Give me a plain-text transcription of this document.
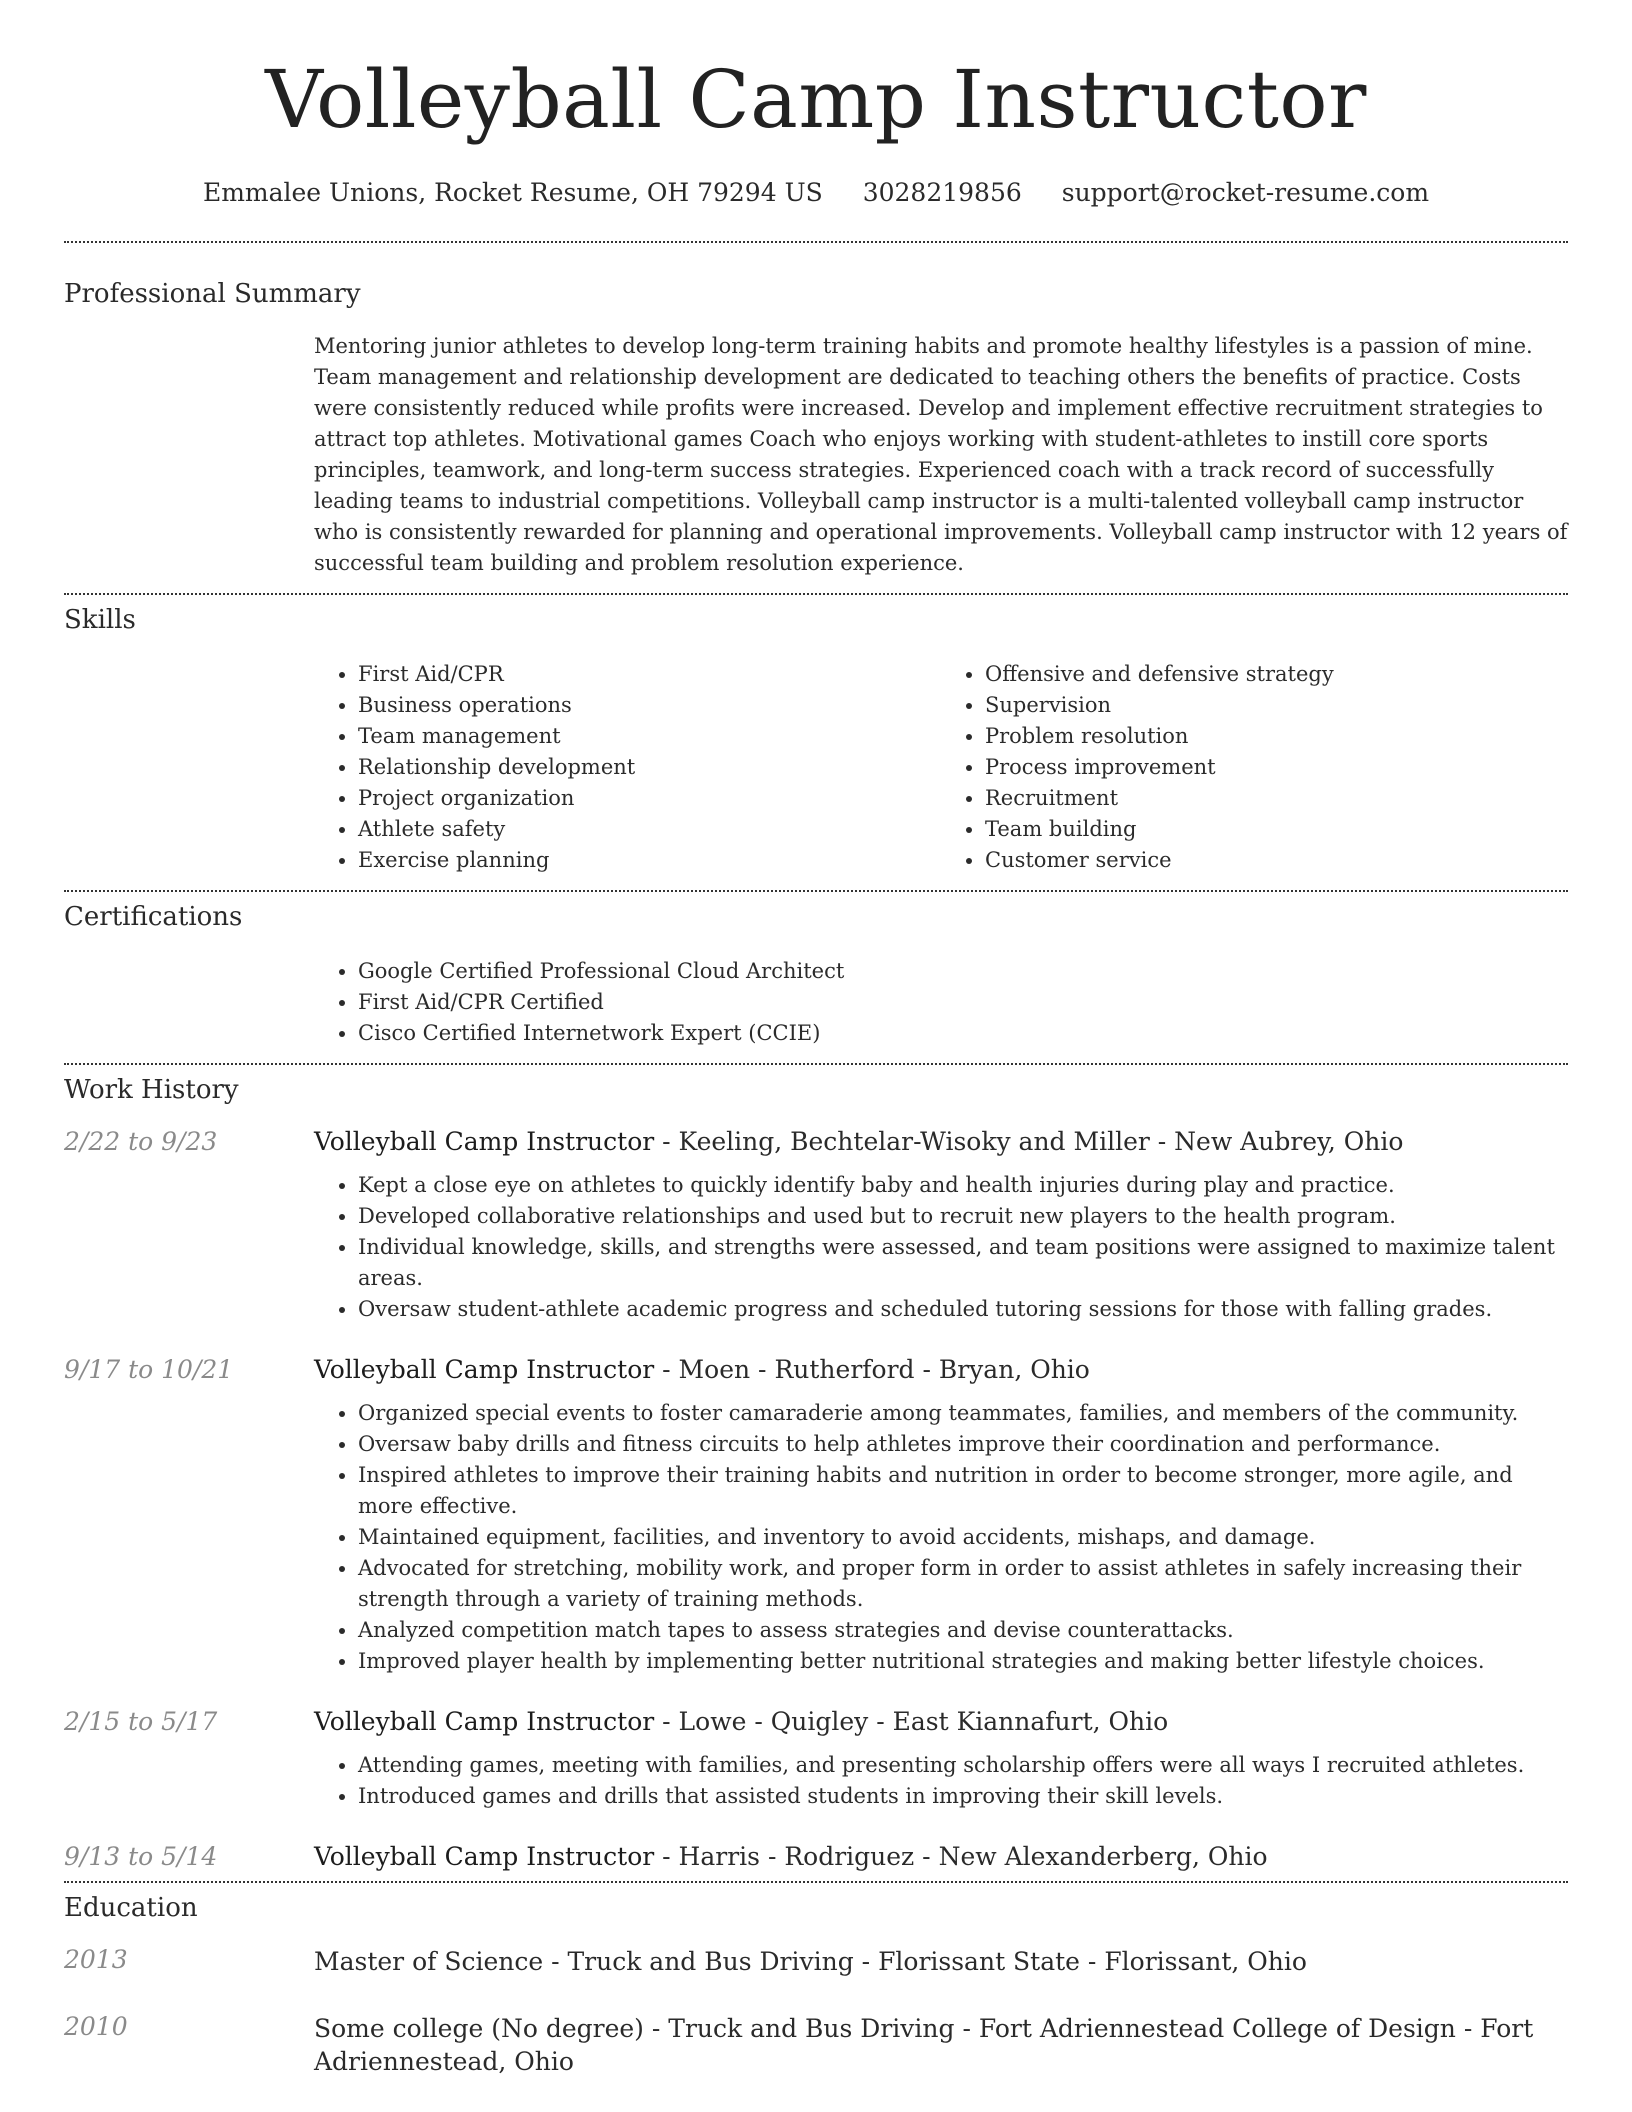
Volleyball Camp Instructor
Emmalee Unions, Rocket Resume, OH 79294 US 3028219856 support@rocket-resume.com
Professional Summary

Mentoring junior athletes to develop long-term training habits and promote healthy lifestyles is a passion of mine. Team management and relationship development are dedicated to teaching others the benefits of practice. Costs were consistently reduced while profits were increased. Develop and implement effective recruitment strategies to attract top athletes. Motivational games Coach who enjoys working with student-athletes to instill core sports principles, teamwork, and long-term success strategies. Experienced coach with a track record of successfully leading teams to industrial competitions. Volleyball camp instructor is a multi-talented volleyball camp instructor who is consistently rewarded for planning and operational improvements. Volleyball camp instructor with 12 years of successful team building and problem resolution experience.

Skills
• First Aid/CPR
• Business operations
• Team management
• Relationship development
• Project organization
• Athlete safety
• Exercise planning
• Offensive and defensive strategy
• Supervision
• Problem resolution
• Process improvement
• Recruitment
• Team building
• Customer service
Certifications
• Google Certified Professional Cloud Architect
• First Aid/CPR Certified
• Cisco Certified Internetwork Expert (CCIE)
Work History
2/22 to 9/23	Volleyball Camp Instructor - Keeling, Bechtelar-Wisoky and Miller - New Aubrey, Ohio
• Kept a close eye on athletes to quickly identify baby and health injuries during play and practice.
• Developed collaborative relationships and used but to recruit new players to the health program.
• Individual knowledge, skills, and strengths were assessed, and team positions were assigned to maximize talent areas.
• Oversaw student-athlete academic progress and scheduled tutoring sessions for those with falling grades.
9/17 to 10/21	Volleyball Camp Instructor - Moen - Rutherford - Bryan, Ohio
• Organized special events to foster camaraderie among teammates, families, and members of the community.
• Oversaw baby drills and fitness circuits to help athletes improve their coordination and performance.
• Inspired athletes to improve their training habits and nutrition in order to become stronger, more agile, and more effective.
• Maintained equipment, facilities, and inventory to avoid accidents, mishaps, and damage.
• Advocated for stretching, mobility work, and proper form in order to assist athletes in safely increasing their strength through a variety of training methods.
• Analyzed competition match tapes to assess strategies and devise counterattacks.
• Improved player health by implementing better nutritional strategies and making better lifestyle choices.
2/15 to 5/17	Volleyball Camp Instructor - Lowe - Quigley - East Kiannafurt, Ohio
• Attending games, meeting with families, and presenting scholarship offers were all ways I recruited athletes.
• Introduced games and drills that assisted students in improving their skill levels.
9/13 to 5/14	Volleyball Camp Instructor - Harris - Rodriguez - New Alexanderberg, Ohio
Education
2013	Master of Science - Truck and Bus Driving - Florissant State - Florissant, Ohio
2010	Some college (No degree) - Truck and Bus Driving - Fort Adriennestead College of Design - Fort Adriennestead, Ohio
